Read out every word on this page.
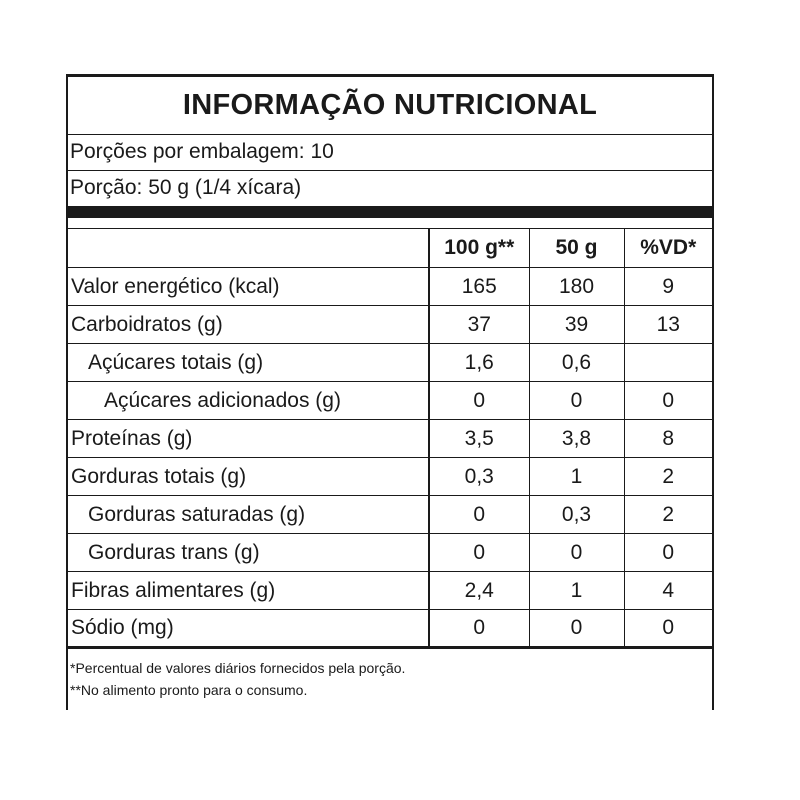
INFORMAÇÃO NUTRICIONAL
Porções por embalagem: 10
Porção: 50 g (1/4 xícara)
	100 g**	50 g	%VD*
Valor energético (kcal)	165	180	9
Carboidratos (g)	37	39	13
Açúcares totais (g)	1,6	0,6	
Açúcares adicionados (g)	0	0	0
Proteínas (g)	3,5	3,8	8
Gorduras totais (g)	0,3	1	2
Gorduras saturadas (g)	0	0,3	2
Gorduras trans (g)	0	0	0
Fibras alimentares (g)	2,4	1	4
Sódio (mg)	0	0	0
*Percentual de valores diários fornecidos pela porção.
**No alimento pronto para o consumo.
